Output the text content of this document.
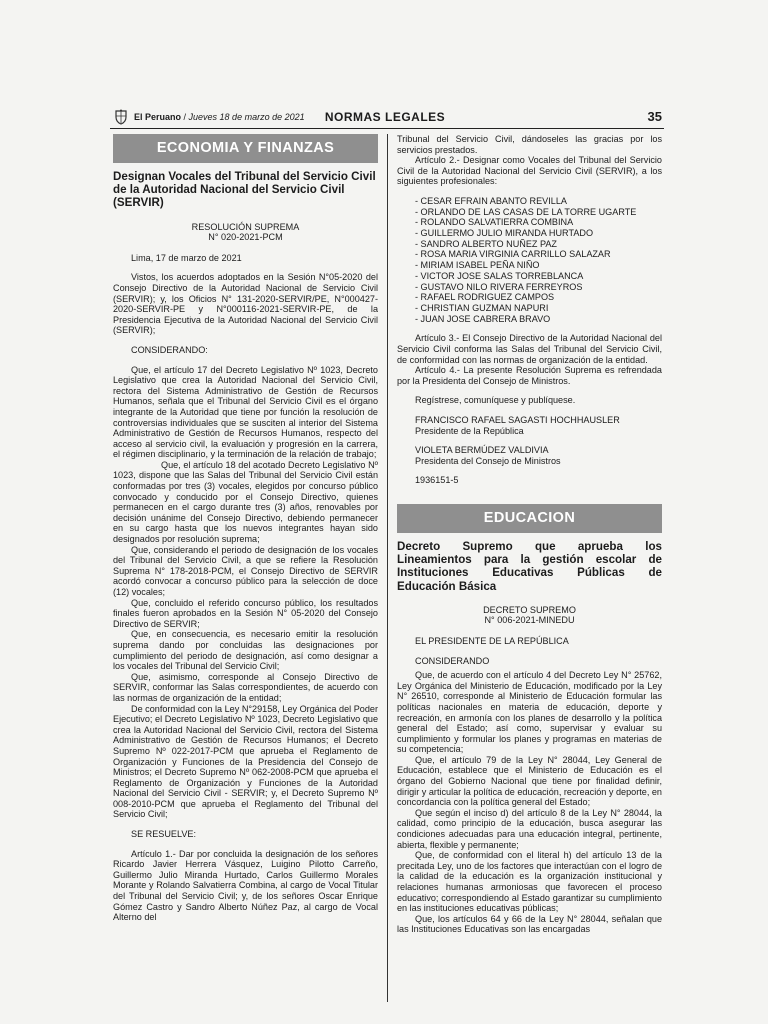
El Peruano / Jueves 18 de marzo de 2021	NORMAS LEGALES	35
ECONOMIA Y FINANZAS
Designan Vocales del Tribunal del Servicio Civil de la Autoridad Nacional del Servicio Civil (SERVIR)
RESOLUCIÓN SUPREMA
N° 020-2021-PCM

Lima, 17 de marzo de 2021

Vistos, los acuerdos adoptados en la Sesión N°05-2020 del Consejo Directivo de la Autoridad Nacional de Servicio Civil (SERVIR); y, los Oficios N° 131-2020-SERVIR/PE, N°000427-2020-SERVIR-PE y N°000116-2021-SERVIR-PE, de la Presidencia Ejecutiva de la Autoridad Nacional del Servicio Civil (SERVIR);

CONSIDERANDO:

Que, el artículo 17 del Decreto Legislativo Nº 1023, Decreto Legislativo que crea la Autoridad Nacional del Servicio Civil, rectora del Sistema Administrativo de Gestión de Recursos Humanos, señala que el Tribunal del Servicio Civil es el órgano integrante de la Autoridad que tiene por función la resolución de controversias individuales que se susciten al interior del Sistema Administrativo de Gestión de Recursos Humanos, respecto del acceso al servicio civil, la evaluación y progresión en la carrera, el régimen disciplinario, y la terminación de la relación de trabajo;

Que, el artículo 18 del acotado Decreto Legislativo Nº 1023, dispone que las Salas del Tribunal del Servicio Civil están conformadas por tres (3) vocales, elegidos por concurso público convocado y conducido por el Consejo Directivo, quienes permanecen en el cargo durante tres (3) años, renovables por decisión unánime del Consejo Directivo, debiendo permanecer en su cargo hasta que los nuevos integrantes hayan sido designados por resolución suprema;

Que, considerando el periodo de designación de los vocales del Tribunal del Servicio Civil, a que se refiere la Resolución Suprema N° 178-2018-PCM, el Consejo Directivo de SERVIR acordó convocar a concurso público para la selección de doce (12) vocales;

Que, concluido el referido concurso público, los resultados finales fueron aprobados en la Sesión N° 05-2020 del Consejo Directivo de SERVIR;

Que, en consecuencia, es necesario emitir la resolución suprema dando por concluidas las designaciones por cumplimiento del periodo de designación, así como designar a los vocales del Tribunal del Servicio Civil;

Que, asimismo, corresponde al Consejo Directivo de SERVIR, conformar las Salas correspondientes, de acuerdo con las normas de organización de la entidad;

De conformidad con la Ley N°29158, Ley Orgánica del Poder Ejecutivo; el Decreto Legislativo Nº 1023, Decreto Legislativo que crea la Autoridad Nacional del Servicio Civil, rectora del Sistema Administrativo de Gestión de Recursos Humanos; el Decreto Supremo Nº 022-2017-PCM que aprueba el Reglamento de Organización y Funciones de la Presidencia del Consejo de Ministros; el Decreto Supremo Nº 062-2008-PCM que aprueba el Reglamento de Organización y Funciones de la Autoridad Nacional del Servicio Civil - SERVIR; y, el Decreto Supremo Nº 008-2010-PCM que aprueba el Reglamento del Tribunal del Servicio Civil;

SE RESUELVE:

Artículo 1.- Dar por concluida la designación de los señores Ricardo Javier Herrera Vásquez, Luigino Pilotto Carreño, Guillermo Julio Miranda Hurtado, Carlos Guillermo Morales Morante y Rolando Salvatierra Combina, al cargo de Vocal Titular del Tribunal del Servicio Civil; y, de los señores Oscar Enrique Gómez Castro y Sandro Alberto Núñez Paz, al cargo de Vocal Alterno del

Tribunal del Servicio Civil, dándoseles las gracias por los servicios prestados.

Artículo 2.- Designar como Vocales del Tribunal del Servicio Civil de la Autoridad Nacional del Servicio Civil (SERVIR), a los siguientes profesionales:

- CESAR EFRAIN ABANTO REVILLA
- ORLANDO DE LAS CASAS DE LA TORRE UGARTE
- ROLANDO SALVATIERRA COMBINA
- GUILLERMO JULIO MIRANDA HURTADO
- SANDRO ALBERTO NUÑEZ PAZ
- ROSA MARIA VIRGINIA CARRILLO SALAZAR
- MIRIAM ISABEL PEÑA NIÑO
- VICTOR JOSE SALAS TORREBLANCA
- GUSTAVO NILO RIVERA FERREYROS
- RAFAEL RODRIGUEZ CAMPOS
- CHRISTIAN GUZMAN NAPURI
- JUAN JOSE CABRERA BRAVO

Artículo 3.- El Consejo Directivo de la Autoridad Nacional del Servicio Civil conforma las Salas del Tribunal del Servicio Civil, de conformidad con las normas de organización de la entidad.

Artículo 4.- La presente Resolución Suprema es refrendada por la Presidenta del Consejo de Ministros.

Regístrese, comuníquese y publíquese.

FRANCISCO RAFAEL SAGASTI HOCHHAUSLER

Presidente de la República

VIOLETA BERMÚDEZ VALDIVIA

Presidenta del Consejo de Ministros

1936151-5

EDUCACION
Decreto Supremo que aprueba los Lineamientos para la gestión escolar de Instituciones Educativas Públicas de Educación Básica
DECRETO SUPREMO
N° 006-2021-MINEDU

EL PRESIDENTE DE LA REPÚBLICA

CONSIDERANDO

Que, de acuerdo con el artículo 4 del Decreto Ley N° 25762, Ley Orgánica del Ministerio de Educación, modificado por la Ley N° 26510, corresponde al Ministerio de Educación formular las políticas nacionales en materia de educación, deporte y recreación, en armonía con los planes de desarrollo y la política general del Estado; así como, supervisar y evaluar su cumplimiento y formular los planes y programas en materias de su competencia;

Que, el artículo 79 de la Ley N° 28044, Ley General de Educación, establece que el Ministerio de Educación es el órgano del Gobierno Nacional que tiene por finalidad definir, dirigir y articular la política de educación, recreación y deporte, en concordancia con la política general del Estado;

Que según el inciso d) del artículo 8 de la Ley N° 28044, la calidad, como principio de la educación, busca asegurar las condiciones adecuadas para una educación integral, pertinente, abierta, flexible y permanente;

Que, de conformidad con el literal h) del artículo 13 de la precitada Ley, uno de los factores que interactúan con el logro de la calidad de la educación es la organización institucional y relaciones humanas armoniosas que favorecen el proceso educativo; correspondiendo al Estado garantizar su cumplimiento en las instituciones educativas públicas;

Que, los artículos 64 y 66 de la Ley N° 28044, señalan que las Instituciones Educativas son las encargadas
